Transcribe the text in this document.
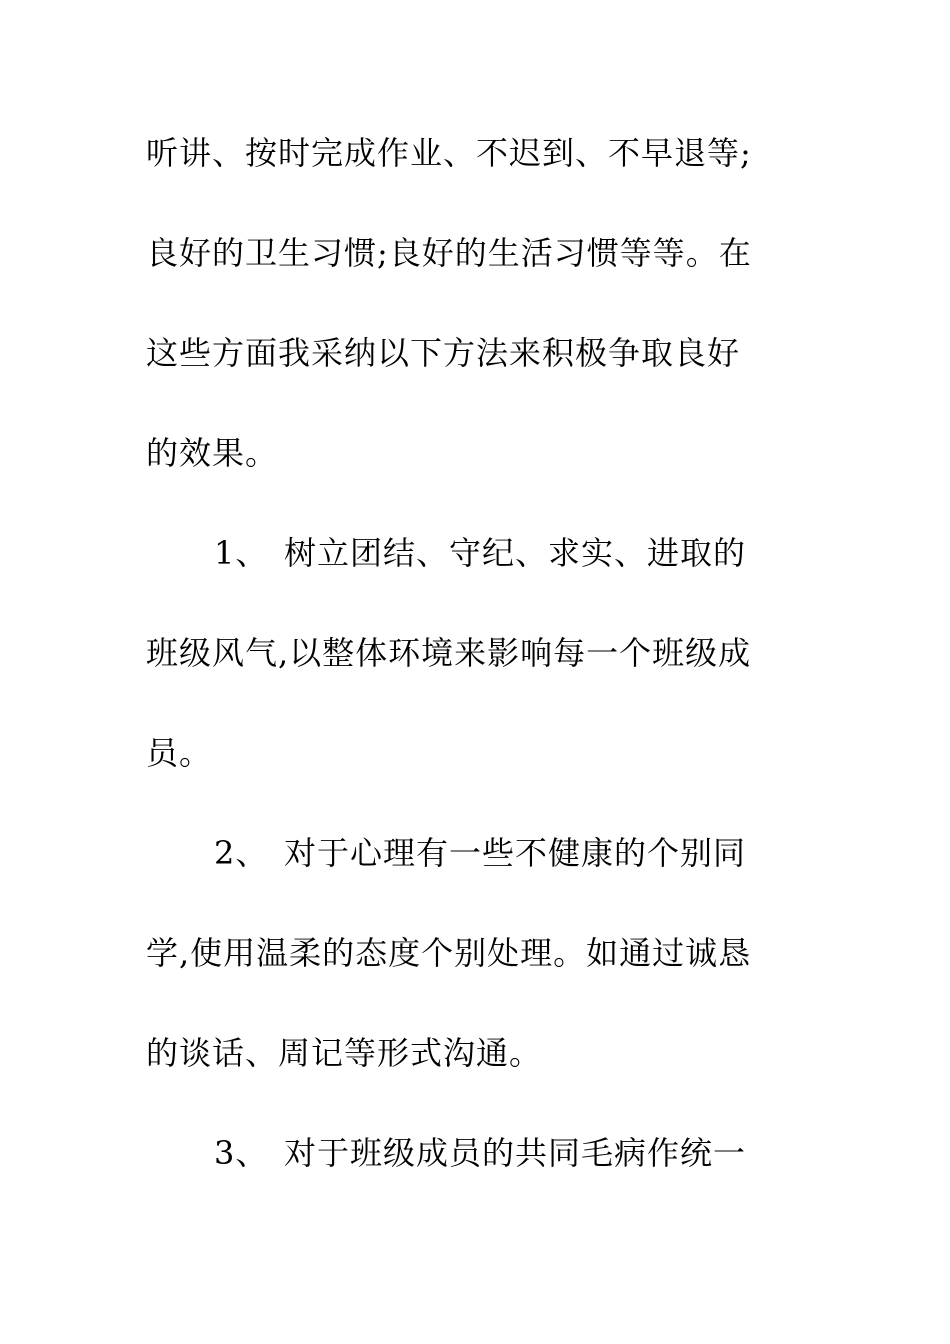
听讲、按时完成作业、不迟到、不早退等;
良好的卫生习惯;良好的生活习惯等等。在
这些方面我采纳以下方法来积极争取良好
的效果。
1、 树立团结、守纪、求实、进取的
班级风气,以整体环境来影响每一个班级成
员。
2、 对于心理有一些不健康的个别同
学,使用温柔的态度个别处理。如通过诚恳
的谈话、周记等形式沟通。
3、 对于班级成员的共同毛病作统一
